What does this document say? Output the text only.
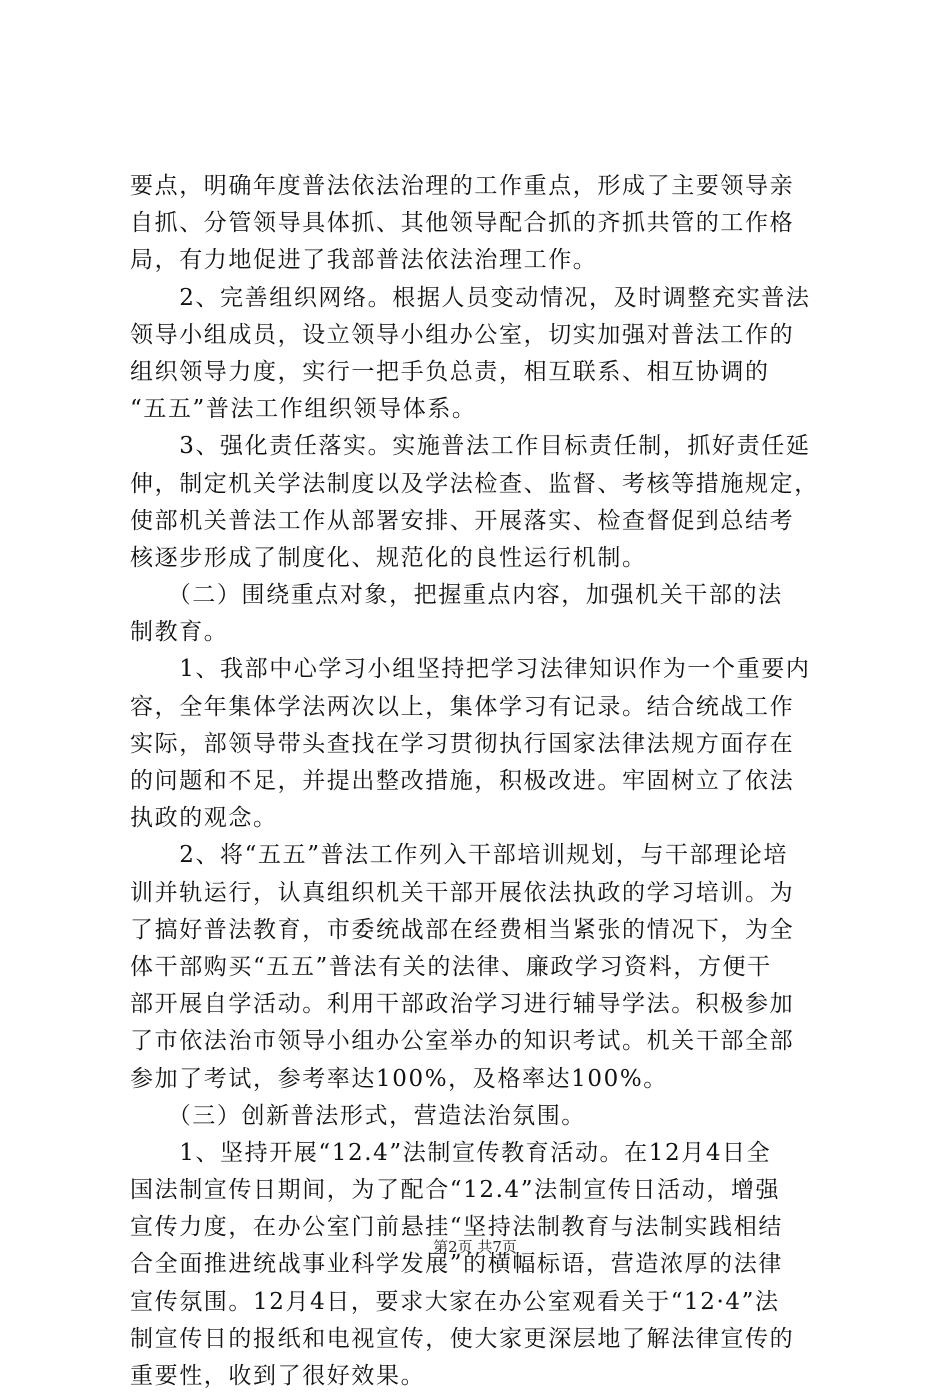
要点，明确年度普法依法治理的工作重点，形成了主要领导亲
自抓、分管领导具体抓、其他领导配合抓的齐抓共管的工作格
局，有力地促进了我部普法依法治理工作。
　　2、完善组织网络。根据人员变动情况，及时调整充实普法
领导小组成员，设立领导小组办公室，切实加强对普法工作的
组织领导力度，实行一把手负总责，相互联系、相互协调的
“五五”普法工作组织领导体系。
　　3、强化责任落实。实施普法工作目标责任制，抓好责任延
伸，制定机关学法制度以及学法检查、监督、考核等措施规定，
使部机关普法工作从部署安排、开展落实、检查督促到总结考
核逐步形成了制度化、规范化的良性运行机制。
　　（二）围绕重点对象，把握重点内容，加强机关干部的法
制教育。
　　1、我部中心学习小组坚持把学习法律知识作为一个重要内
容，全年集体学法两次以上，集体学习有记录。结合统战工作
实际，部领导带头查找在学习贯彻执行国家法律法规方面存在
的问题和不足，并提出整改措施，积极改进。牢固树立了依法
执政的观念。
　　2、将“五五”普法工作列入干部培训规划，与干部理论培
训并轨运行，认真组织机关干部开展依法执政的学习培训。为
了搞好普法教育，市委统战部在经费相当紧张的情况下，为全
体干部购买“五五”普法有关的法律、廉政学习资料，方便干
部开展自学活动。利用干部政治学习进行辅导学法。积极参加
了市依法治市领导小组办公室举办的知识考试。机关干部全部
参加了考试，参考率达100%，及格率达100%。
　　（三）创新普法形式，营造法治氛围。
　　1、坚持开展“12.4”法制宣传教育活动。在12月4日全
国法制宣传日期间，为了配合“12.4”法制宣传日活动，增强
宣传力度，在办公室门前悬挂“坚持法制教育与法制实践相结
合全面推进统战事业科学发展”的横幅标语，营造浓厚的法律
宣传氛围。12月4日，要求大家在办公室观看关于“12·4”法
制宣传日的报纸和电视宣传，使大家更深层地了解法律宣传的
重要性，收到了很好效果。
第2页 共7页
